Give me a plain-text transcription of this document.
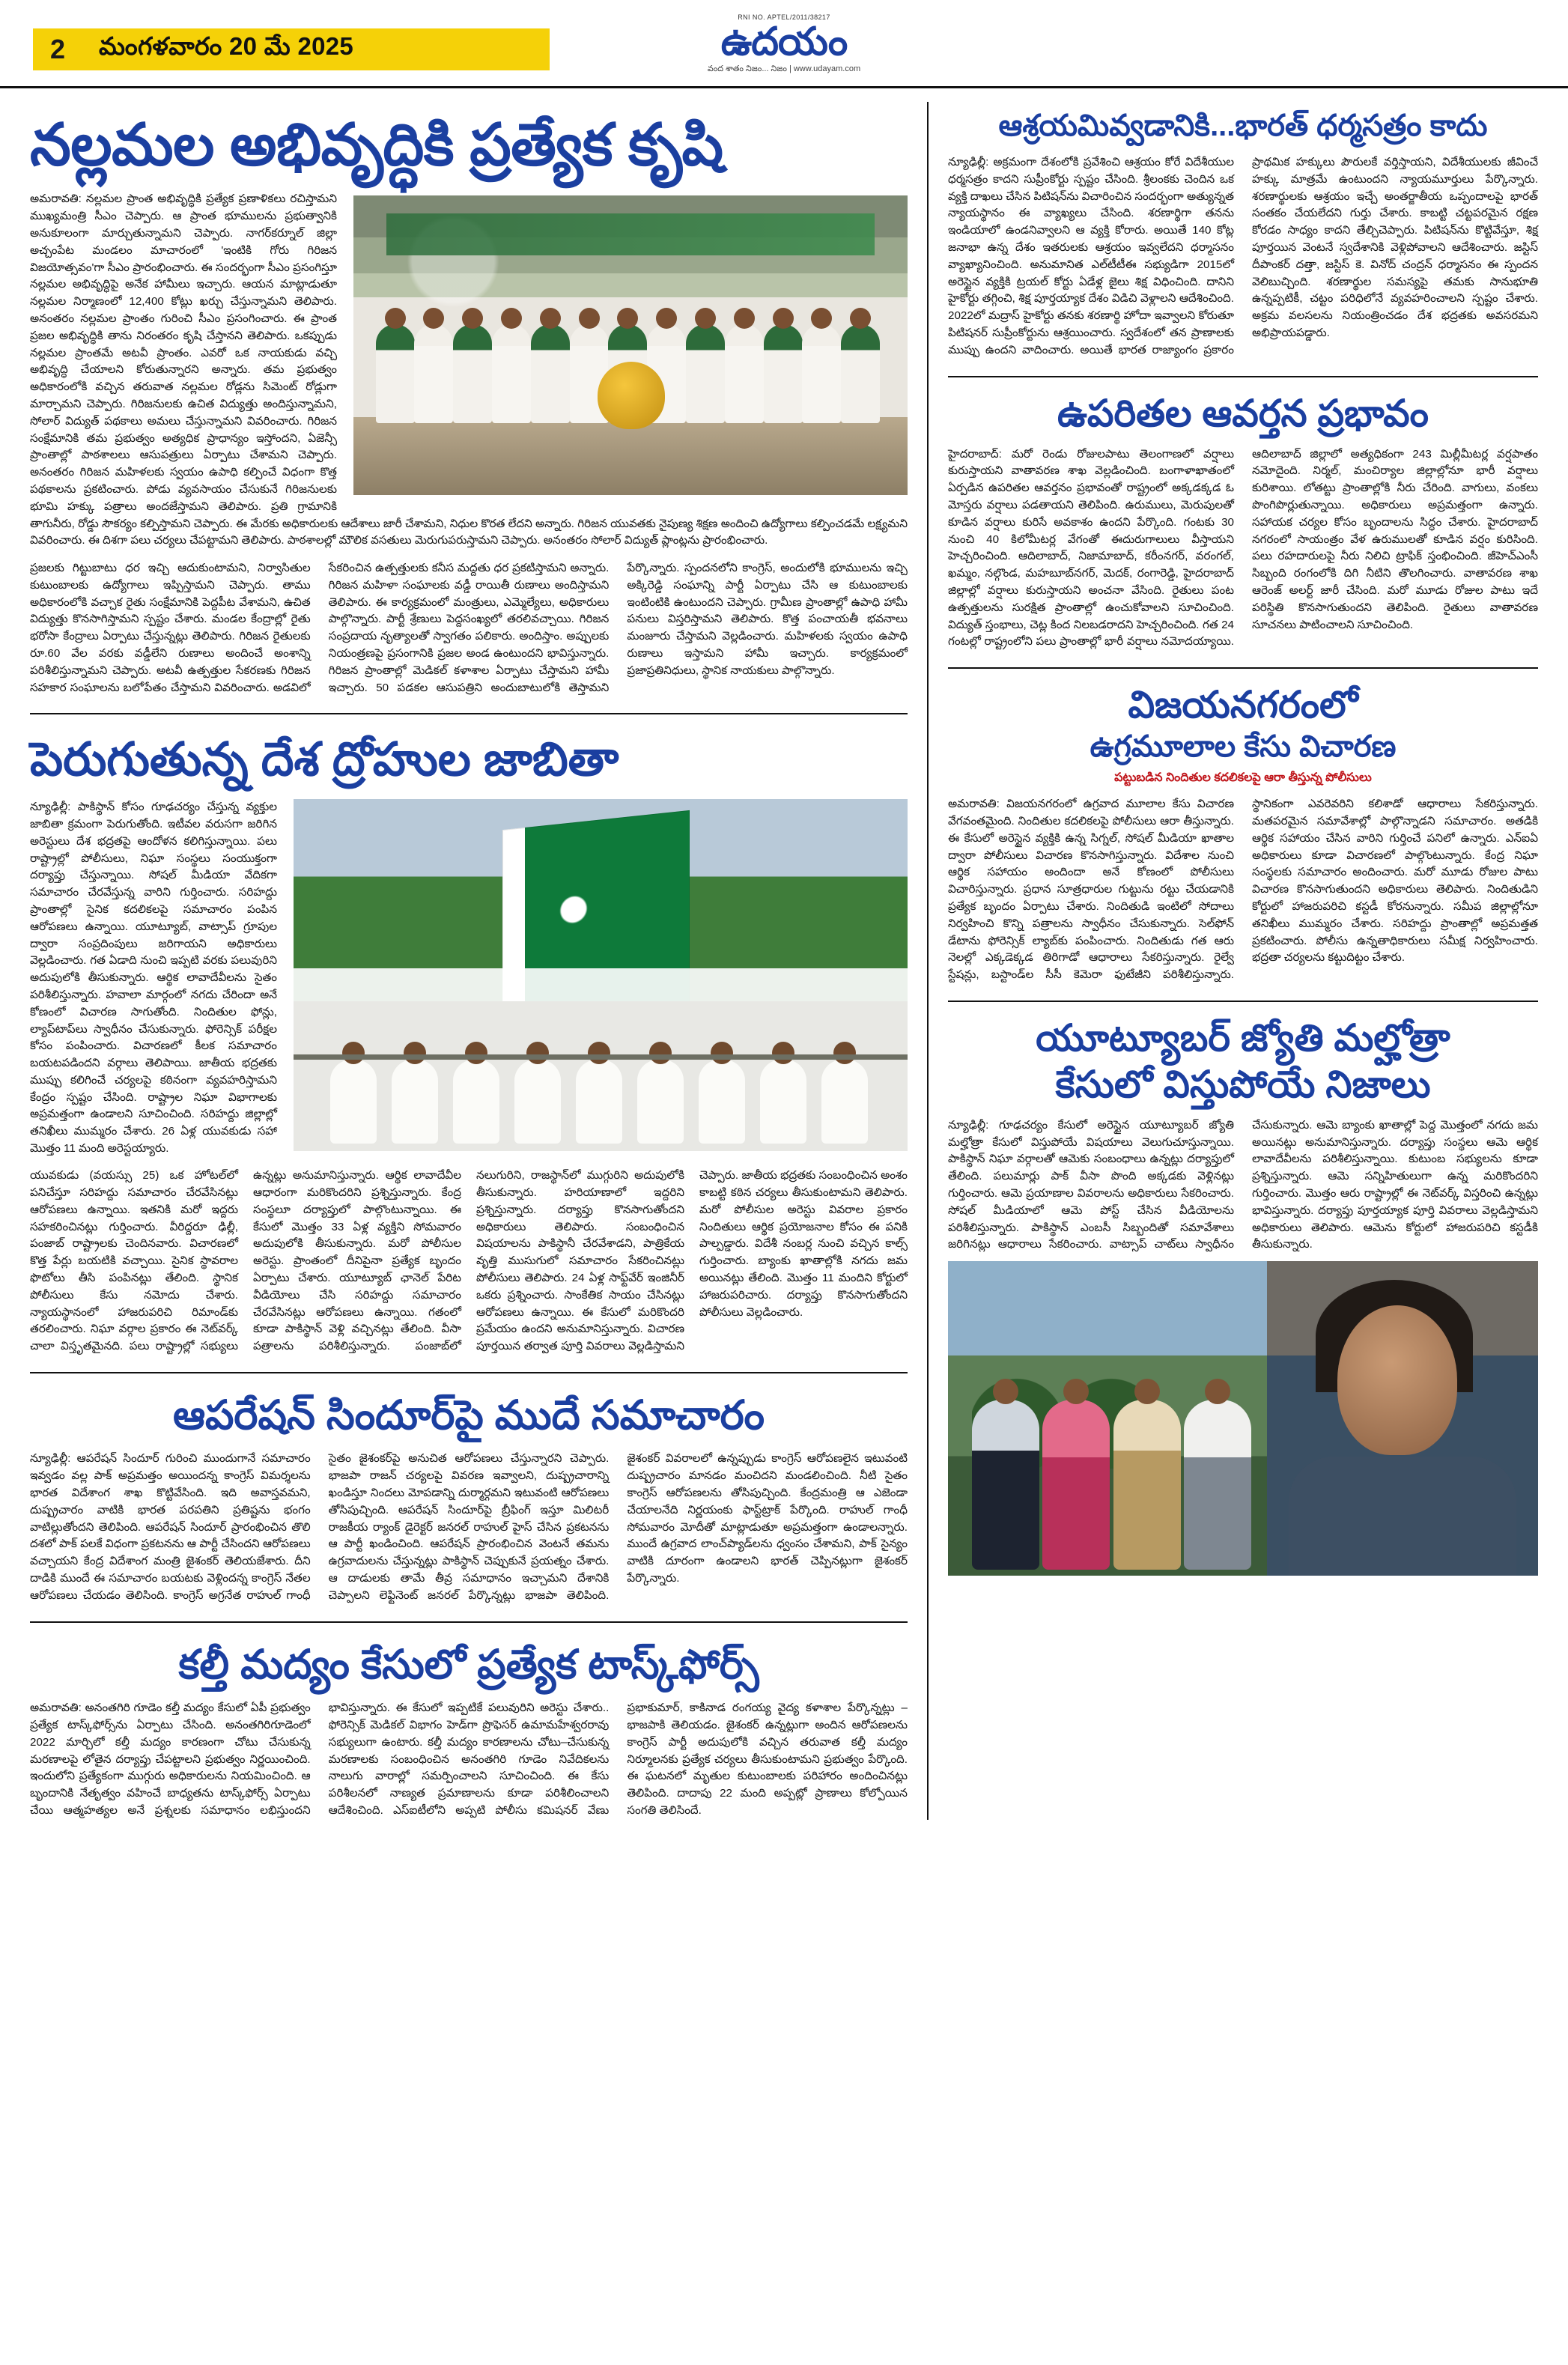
2	మంగళవారం 20 మే 2025
RNI NO. APTEL/2011/38217
ఉదయం
వంద శాతం నిజం... నిజం | www.udayam.com
నల్లమల అభివృద్ధికి ప్రత్యేక కృషి
అమరావతి: నల్లమల ప్రాంత అభివృద్ధికి ప్రత్యేక ప్రణాళికలు రచిస్తామని ముఖ్యమంత్రి సీఎం చెప్పారు. ఆ ప్రాంత భూములను ప్రభుత్వానికి అనుకూలంగా మార్చుతున్నామని చెప్పారు. నాగర్‌కర్నూల్ జిల్లా అచ్చంపేట మండలం మాచారంలో 'ఇంటికి గోరు గిరిజన విజయోత్సవం'గా సీఎం ప్రారంభించారు. ఈ సందర్భంగా సీఎం ప్రసంగిస్తూ నల్లమల అభివృద్ధిపై అనేక హామీలు ఇచ్చారు. ఆయన మాట్లాడుతూ నల్లమల నిర్మాణంలో 12,400 కోట్లు ఖర్చు చేస్తున్నామని తెలిపారు. అనంతరం నల్లమల ప్రాంతం గురించి సీఎం ప్రసంగించారు. ఈ ప్రాంత ప్రజల అభివృద్ధికి తాను నిరంతరం కృషి చేస్తానని తెలిపారు. ఒకప్పుడు నల్లమల ప్రాంతమే అటవీ ప్రాంతం. ఎవరో ఒక నాయకుడు వచ్చి అభివృద్ధి చేయాలని కోరుతున్నారని అన్నారు. తమ ప్రభుత్వం అధికారంలోకి వచ్చిన తరువాత నల్లమల రోడ్లను సిమెంట్ రోడ్లుగా మార్చామని చెప్పారు. గిరిజనులకు ఉచిత విద్యుత్తు అందిస్తున్నామని, సోలార్ విద్యుత్ పథకాలు అమలు చేస్తున్నామని వివరించారు. గిరిజన సంక్షేమానికి తమ ప్రభుత్వం అత్యధిక ప్రాధాన్యం ఇస్తోందని, ఏజెన్సీ ప్రాంతాల్లో పాఠశాలలు ఆసుపత్రులు ఏర్పాటు చేశామని చెప్పారు. అనంతరం గిరిజన మహిళలకు స్వయం ఉపాధి కల్పించే విధంగా కొత్త పథకాలను ప్రకటించారు. పోడు వ్యవసాయం చేసుకునే గిరిజనులకు భూమి హక్కు పత్రాలు అందజేస్తామని తెలిపారు. ప్రతి గ్రామానికి తాగునీరు, రోడ్డు సౌకర్యం కల్పిస్తామని చెప్పారు. ఈ మేరకు అధికారులకు ఆదేశాలు జారీ చేశామని, నిధుల కొరత లేదని అన్నారు. గిరిజన యువతకు నైపుణ్య శిక్షణ అందించి ఉద్యోగాలు కల్పించడమే లక్ష్యమని వివరించారు. ఈ దిశగా పలు చర్యలు చేపట్టామని తెలిపారు. పాఠశాలల్లో మౌలిక వసతులు మెరుగుపరుస్తామని చెప్పారు. అనంతరం సోలార్ విద్యుత్ ప్లాంట్లను ప్రారంభించారు.
ప్రజలకు గిట్టుబాటు ధర ఇచ్చి ఆదుకుంటామని, నిర్వాసితుల కుటుంబాలకు ఉద్యోగాలు ఇప్పిస్తామని చెప్పారు. తాము అధికారంలోకి వచ్చాక రైతు సంక్షేమానికి పెద్దపీట వేశామని, ఉచిత విద్యుత్తు కొనసాగిస్తామని స్పష్టం చేశారు. మండల కేంద్రాల్లో రైతు భరోసా కేంద్రాలు ఏర్పాటు చేస్తున్నట్లు తెలిపారు. గిరిజన రైతులకు రూ.60 వేల వరకు వడ్డీలేని రుణాలు అందించే అంశాన్ని పరిశీలిస్తున్నామని చెప్పారు. అటవీ ఉత్పత్తుల సేకరణకు గిరిజన సహకార సంఘాలను బలోపేతం చేస్తామని వివరించారు. అడవిలో సేకరించిన ఉత్పత్తులకు కనీస మద్దతు ధర ప్రకటిస్తామని అన్నారు. గిరిజన మహిళా సంఘాలకు వడ్డీ రాయితీ రుణాలు అందిస్తామని తెలిపారు. ఈ కార్యక్రమంలో మంత్రులు, ఎమ్మెల్యేలు, అధికారులు పాల్గొన్నారు. పార్టీ శ్రేణులు పెద్దసంఖ్యలో తరలివచ్చాయి. గిరిజన సంప్రదాయ నృత్యాలతో స్వాగతం పలికారు. అందిస్తాం. అప్పులకు నియంత్రణపై ప్రసంగానికి ప్రజల అండ ఉంటుందని భావిస్తున్నారు. గిరిజన ప్రాంతాల్లో మెడికల్ కళాశాల ఏర్పాటు చేస్తామని హామీ ఇచ్చారు. 50 పడకల ఆసుపత్రిని అందుబాటులోకి తెస్తామని పేర్కొన్నారు. స్పందనలోని కాంగ్రెస్, అందులోకి భూములను ఇచ్చి అక్కిరెడ్డి సంఘాన్ని పార్టీ ఏర్పాటు చేసి ఆ కుటుంబాలకు ఇంటింటికి ఉంటుందని చెప్పారు. గ్రామీణ ప్రాంతాల్లో ఉపాధి హామీ పనులు విస్తరిస్తామని తెలిపారు. కొత్త పంచాయతీ భవనాలు మంజూరు చేస్తామని వెల్లడించారు. మహిళలకు స్వయం ఉపాధి రుణాలు ఇస్తామని హామీ ఇచ్చారు. కార్యక్రమంలో ప్రజాప్రతినిధులు, స్థానిక నాయకులు పాల్గొన్నారు.
పెరుగుతున్న దేశ ద్రోహుల జాబితా
న్యూఢిల్లీ: పాకిస్థాన్ కోసం గూఢచర్యం చేస్తున్న వ్యక్తుల జాబితా క్రమంగా పెరుగుతోంది. ఇటీవల వరుసగా జరిగిన అరెస్టులు దేశ భద్రతపై ఆందోళన కలిగిస్తున్నాయి. పలు రాష్ట్రాల్లో పోలీసులు, నిఘా సంస్థలు సంయుక్తంగా దర్యాప్తు చేస్తున్నాయి. సోషల్ మీడియా వేదికగా సమాచారం చేరవేస్తున్న వారిని గుర్తించారు. సరిహద్దు ప్రాంతాల్లో సైనిక కదలికలపై సమాచారం పంపిన ఆరోపణలు ఉన్నాయి. యూట్యూబ్, వాట్సాప్ గ్రూపుల ద్వారా సంప్రదింపులు జరిగాయని అధికారులు వెల్లడించారు. గత ఏడాది నుంచి ఇప్పటి వరకు పలువురిని అదుపులోకి తీసుకున్నారు. ఆర్థిక లావాదేవీలను సైతం పరిశీలిస్తున్నారు. హవాలా మార్గంలో నగదు చేరిందా అనే కోణంలో విచారణ సాగుతోంది. నిందితుల ఫోన్లు, ల్యాప్‌టాప్‌లు స్వాధీనం చేసుకున్నారు. ఫోరెన్సిక్ పరీక్షల కోసం పంపించారు. విచారణలో కీలక సమాచారం బయటపడిందని వర్గాలు తెలిపాయి. జాతీయ భద్రతకు ముప్పు కలిగించే చర్యలపై కఠినంగా వ్యవహరిస్తామని కేంద్రం స్పష్టం చేసింది. రాష్ట్రాల నిఘా విభాగాలకు అప్రమత్తంగా ఉండాలని సూచించింది. సరిహద్దు జిల్లాల్లో తనిఖీలు ముమ్మరం చేశారు. 26 ఏళ్ల యువకుడు సహా మొత్తం 11 మంది అరెస్టయ్యారు.
యువకుడు (వయస్సు 25) ఒక హోటల్‌లో పనిచేస్తూ సరిహద్దు సమాచారం చేరవేసినట్లు ఆరోపణలు ఉన్నాయి. ఇతనికి మరో ఇద్దరు సహకరించినట్లు గుర్తించారు. వీరిద్దరూ ఢిల్లీ, పంజాబ్ రాష్ట్రాలకు చెందినవారు. విచారణలో కొత్త పేర్లు బయటికి వచ్చాయి. సైనిక స్థావరాల ఫొటోలు తీసి పంపినట్లు తేలింది. స్థానిక పోలీసులు కేసు నమోదు చేశారు. న్యాయస్థానంలో హాజరుపరిచి రిమాండ్‌కు తరలించారు. నిఘా వర్గాల ప్రకారం ఈ నెట్‌వర్క్ చాలా విస్తృతమైనది. పలు రాష్ట్రాల్లో సభ్యులు ఉన్నట్లు అనుమానిస్తున్నారు. ఆర్థిక లావాదేవీల ఆధారంగా మరికొందరిని ప్రశ్నిస్తున్నారు. కేంద్ర సంస్థలూ దర్యాప్తులో పాల్గొంటున్నాయి. ఈ కేసులో మొత్తం 33 ఏళ్ల వ్యక్తిని సోమవారం అదుపులోకి తీసుకున్నారు. మరో పోలీసుల అరెస్టు. ప్రాంతంలో దీనిపైనా ప్రత్యేక బృందం ఏర్పాటు చేశారు. యూట్యూబ్ ఛానెల్ పేరిట వీడియోలు చేసి సరిహద్దు సమాచారం చేరవేసినట్లు ఆరోపణలు ఉన్నాయి. గతంలో కూడా పాకిస్థాన్ వెళ్లి వచ్చినట్లు తేలింది. వీసా పత్రాలను పరిశీలిస్తున్నారు. పంజాబ్‌లో నలుగురిని, రాజస్థాన్‌లో ముగ్గురిని అదుపులోకి తీసుకున్నారు. హరియాణాలో ఇద్దరిని ప్రశ్నిస్తున్నారు. దర్యాప్తు కొనసాగుతోందని అధికారులు తెలిపారు.	సంబంధించిన విషయాలను పాకిస్థానీ చేరవేశాడని, పాత్రికేయ వృత్తి ముసుగులో సమాచారం సేకరించినట్లు పోలీసులు తెలిపారు. 24 ఏళ్ల సాఫ్ట్‌వేర్ ఇంజినీర్ ఒకరు ప్రశ్నించారు. సాంకేతిక సాయం చేసినట్లు ఆరోపణలు ఉన్నాయి. ఈ కేసులో మరికొందరి ప్రమేయం ఉందని అనుమానిస్తున్నారు. విచారణ పూర్తయిన తర్వాత పూర్తి వివరాలు వెల్లడిస్తామని చెప్పారు. జాతీయ భద్రతకు సంబంధించిన అంశం కాబట్టి కఠిన చర్యలు తీసుకుంటామని తెలిపారు. మరో పోలీసుల అరెస్టు వివరాల ప్రకారం నిందితులు ఆర్థిక ప్రయోజనాల కోసం ఈ పనికి పాల్పడ్డారు. విదేశీ నంబర్ల నుంచి వచ్చిన కాల్స్ గుర్తించారు. బ్యాంకు ఖాతాల్లోకి నగదు జమ అయినట్లు తేలింది. మొత్తం 11 మందిని కోర్టులో హాజరుపరిచారు. దర్యాప్తు కొనసాగుతోందని పోలీసులు వెల్లడించారు.
ఆపరేషన్ సిందూర్‌పై ముదే సమాచారం
న్యూఢిల్లీ: ఆపరేషన్ సిందూర్ గురించి ముందుగానే సమాచారం ఇవ్వడం వల్ల పాక్ అప్రమత్తం అయిందన్న కాంగ్రెస్ విమర్శలను భారత విదేశాంగ శాఖ కొట్టివేసింది. ఇది అవాస్తవమని, దుష్ప్రచారం వాటికి భారత పరపతిని ప్రతిష్టను భంగం వాటిల్లుతోందని తెలిపింది. ఆపరేషన్ సిందూర్ ప్రారంభించిన తొలి దశలో పాక్ పలకే విధంగా ప్రకటనను ఆ పార్టీ చేసిందని ఆరోపణలు వచ్చాయని కేంద్ర విదేశాంగ మంత్రి జైశంకర్ తెలియజేశారు. దీని దాడికి ముందే ఈ సమాచారం బయటకు వెళ్లిందన్న కాంగ్రెస్ నేతల ఆరోపణలు చేయడం తెలిసింది. కాంగ్రెస్ అగ్రనేత రాహుల్ గాంధీ సైతం జైశంకర్‌పై అనుచిత ఆరోపణలు చేస్తున్నారని చెప్పారు. భాజపా రాజన్ చర్యలపై వివరణ ఇవ్వాలని, దుష్ప్రచారాన్ని ఖండిస్తూ నిందలు మోపడాన్ని దుర్మార్గమని ఇటువంటి ఆరోపణలు తోసిపుచ్చింది. ఆపరేషన్ సిందూర్‌పై బ్రీఫింగ్ ఇస్తూ మిలిటరీ రాజకీయ ర్యాంక్ డైరెక్టర్ జనరల్ రాహుల్ హైస్ చేసిన ప్రకటనను ఆ పార్టీ ఖండించింది. ఆపరేషన్ ప్రారంభించిన వెంటనే తమను ఉగ్రవాదులను చేస్తున్నట్లు పాకిస్థాన్ చెప్పుకునే ప్రయత్నం చేశారు. ఆ దాడులకు తామే తీవ్ర సమాధానం ఇచ్చామని దేశానికి చెప్పాలని లెఫ్టినెంట్ జనరల్ పేర్కొన్నట్లు భాజపా తెలిపింది. జైశంకర్ వివరాలలో ఉన్నప్పుడు కాంగ్రెస్ ఆరోపణలైన ఇటువంటి దుష్ప్రచారం మానడం మంచిదని మండలించింది. నీటి సైతం కాంగ్రెస్ ఆరోపణలను తోసిపుచ్చింది. కేంద్రమంత్రి ఆ ఎజెండా చేయాలనేది నిర్ణయంకు ఫాస్ట్‌ట్రాక్ పేర్కొంది. రాహుల్ గాంధీ సోమవారం మోదీతో మాట్లాడుతూ అప్రమత్తంగా ఉండాలన్నారు. ముందే ఉగ్రవాద లాంచ్‌ప్యాడ్‌లను ధ్వంసం చేశామని, పాక్ సైన్యం వాటికి దూరంగా ఉండాలని భారత్ చెప్పినట్లుగా జైశంకర్ పేర్కొన్నారు.
కల్తీ మద్యం కేసులో ప్రత్యేక టాస్క్‌ఫోర్స్
అమరావతి: అనంతగిరి గూడెం కల్తీ మద్యం కేసులో ఏపీ ప్రభుత్వం ప్రత్యేక టాస్క్‌ఫోర్స్‌ను ఏర్పాటు చేసింది. అనంతగిరిగూడెంలో 2022 మార్చిలో కల్తీ మద్యం కారణంగా చోటు చేసుకున్న మరణాలపై లోతైన దర్యాప్తు చేపట్టాలని ప్రభుత్వం నిర్ణయించింది. ఇందులోని ప్రత్యేకంగా ముగ్గురు అధికారులను నియమించింది. ఆ బృందానికి నేతృత్వం వహించే బాధ్యతను టాస్క్‌ఫోర్స్ ఏర్పాటు చేయి ఆత్మహత్యల అనే ప్రశ్నలకు సమాధానం లభిస్తుందని భావిస్తున్నారు. ఈ కేసులో ఇప్పటికే పలువురిని అరెస్టు చేశారు.. ఫోరెన్సిక్ మెడికల్ విభాగం హెడ్‌గా ప్రొఫెసర్ ఉమామహేశ్వరరావు సభ్యులుగా ఉంటారు. కల్తీ మద్యం కారణాలను చోటు–చేసుకున్న మరణాలకు సంబంధించిన అనంతగిరి గూడెం నివేదికలను నాలుగు వారాల్లో సమర్పించాలని సూచించింది. ఈ కేసు పరిశీలనలో నాణ్యత ప్రమాణాలను కూడా పరిశీలించాలని ఆదేశించింది. ఎస్‌ఐటీలోని అప్పటి పోలీసు కమిషనర్ వేణు ప్రభాకుమార్, కాకినాడ రంగయ్య వైద్య కళాశాల పేర్కొన్నట్లు – భాజపాకి తెలియడం. జైశంకర్ ఉన్నట్లుగా అందిన ఆరోపణలను కాంగ్రెస్ పార్టీ అదుపులోకి వచ్చిన తరువాత కల్తీ మద్యం నిర్మూలనకు ప్రత్యేక చర్యలు తీసుకుంటామని ప్రభుత్వం పేర్కొంది. ఈ ఘటనలో మృతుల కుటుంబాలకు పరిహారం అందించినట్లు తెలిపింది. దాదాపు 22 మంది అప్పట్లో ప్రాణాలు కోల్పోయిన సంగతి తెలిసిందే.
ఆశ్రయమివ్వడానికి...భారత్ ధర్మసత్రం కాదు
న్యూఢిల్లీ: అక్రమంగా దేశంలోకి ప్రవేశించి ఆశ్రయం కోరే విదేశీయుల ధర్మసత్రం కాదని సుప్రీంకోర్టు స్పష్టం చేసింది. శ్రీలంకకు చెందిన ఒక వ్యక్తి దాఖలు చేసిన పిటిషన్‌ను విచారించిన సందర్భంగా అత్యున్నత న్యాయస్థానం ఈ వ్యాఖ్యలు చేసింది. శరణార్థిగా తనను ఇండియాలో ఉండనివ్వాలని ఆ వ్యక్తి కోరారు. అయితే 140 కోట్ల జనాభా ఉన్న దేశం ఇతరులకు ఆశ్రయం ఇవ్వలేదని ధర్మాసనం వ్యాఖ్యానించింది. అనుమానిత ఎల్‌టీటీఈ సభ్యుడిగా 2015లో అరెస్టైన వ్యక్తికి ట్రయల్ కోర్టు ఏడేళ్ల జైలు శిక్ష విధించింది. దానిని హైకోర్టు తగ్గించి, శిక్ష పూర్తయ్యాక దేశం విడిచి వెళ్లాలని ఆదేశించింది. 2022లో మద్రాస్ హైకోర్టు తనకు శరణార్థి హోదా ఇవ్వాలని కోరుతూ పిటిషనర్ సుప్రీంకోర్టును ఆశ్రయించారు. స్వదేశంలో తన ప్రాణాలకు ముప్పు ఉందని వాదించారు. అయితే భారత రాజ్యాంగం ప్రకారం ప్రాథమిక హక్కులు పౌరులకే వర్తిస్తాయని, విదేశీయులకు జీవించే హక్కు మాత్రమే ఉంటుందని న్యాయమూర్తులు పేర్కొన్నారు. శరణార్థులకు ఆశ్రయం ఇచ్చే అంతర్జాతీయ ఒప్పందాలపై భారత్ సంతకం చేయలేదని గుర్తు చేశారు. కాబట్టి చట్టపరమైన రక్షణ కోరడం సాధ్యం కాదని తేల్చిచెప్పారు. పిటిషన్‌ను కొట్టివేస్తూ, శిక్ష పూర్తయిన వెంటనే స్వదేశానికి వెళ్లిపోవాలని ఆదేశించారు. జస్టిస్ దీపాంకర్ దత్తా, జస్టిస్ కె. వినోద్ చంద్రన్ ధర్మాసనం ఈ స్పందన వెలిబుచ్చింది. శరణార్థుల సమస్యపై తమకు సానుభూతి ఉన్నప్పటికీ, చట్టం పరిధిలోనే వ్యవహరించాలని స్పష్టం చేశారు. అక్రమ వలసలను నియంత్రించడం దేశ భద్రతకు అవసరమని అభిప్రాయపడ్డారు.
ఉపరితల ఆవర్తన ప్రభావం
హైదరాబాద్: మరో రెండు రోజులపాటు తెలంగాణలో వర్షాలు కురుస్తాయని వాతావరణ శాఖ వెల్లడించింది. బంగాళాఖాతంలో ఏర్పడిన ఉపరితల ఆవర్తనం ప్రభావంతో రాష్ట్రంలో అక్కడక్కడ ఓ మోస్తరు వర్షాలు పడతాయని తెలిపింది. ఉరుములు, మెరుపులతో కూడిన వర్షాలు కురిసే అవకాశం ఉందని పేర్కొంది. గంటకు 30 నుంచి 40 కిలోమీటర్ల వేగంతో ఈదురుగాలులు వీస్తాయని హెచ్చరించింది. ఆదిలాబాద్, నిజామాబాద్, కరీంనగర్, వరంగల్, ఖమ్మం, నల్గొండ, మహబూబ్‌నగర్, మెదక్, రంగారెడ్డి, హైదరాబాద్ జిల్లాల్లో వర్షాలు కురుస్తాయని అంచనా వేసింది. రైతులు పంట ఉత్పత్తులను సురక్షిత ప్రాంతాల్లో ఉంచుకోవాలని సూచించింది. విద్యుత్ స్తంభాలు, చెట్ల కింద నిలబడరాదని హెచ్చరించింది. గత 24 గంటల్లో రాష్ట్రంలోని పలు ప్రాంతాల్లో భారీ వర్షాలు నమోదయ్యాయి. ఆదిలాబాద్ జిల్లాలో అత్యధికంగా 243 మిల్లీమీటర్ల వర్షపాతం నమోదైంది. నిర్మల్, మంచిర్యాల జిల్లాల్లోనూ భారీ వర్షాలు కురిశాయి. లోతట్టు ప్రాంతాల్లోకి నీరు చేరింది. వాగులు, వంకలు పొంగిపొర్లుతున్నాయి. అధికారులు అప్రమత్తంగా ఉన్నారు. సహాయక చర్యల కోసం బృందాలను సిద్ధం చేశారు. హైదరాబాద్ నగరంలో సాయంత్రం వేళ ఉరుములతో కూడిన వర్షం కురిసింది. పలు రహదారులపై నీరు నిలిచి ట్రాఫిక్ స్తంభించింది. జీహెచ్ఎంసీ సిబ్బంది రంగంలోకి దిగి నీటిని తొలగించారు. వాతావరణ శాఖ ఆరెంజ్ అలర్ట్ జారీ చేసింది. మరో మూడు రోజుల పాటు ఇదే పరిస్థితి కొనసాగుతుందని తెలిపింది. రైతులు వాతావరణ సూచనలు పాటించాలని సూచించింది.
విజయనగరంలో
ఉగ్రమూలాల కేసు విచారణ
పట్టుబడిన నిందితుల కదలికలపై ఆరా తీస్తున్న పోలీసులు
అమరావతి: విజయనగరంలో ఉగ్రవాద మూలాల కేసు విచారణ వేగవంతమైంది. నిందితుల కదలికలపై పోలీసులు ఆరా తీస్తున్నారు. ఈ కేసులో అరెస్టైన వ్యక్తికి ఉన్న సిగ్నల్, సోషల్ మీడియా ఖాతాల ద్వారా పోలీసులు విచారణ కొనసాగిస్తున్నారు. విదేశాల నుంచి ఆర్థిక సహాయం అందిందా అనే కోణంలో పోలీసులు విచారిస్తున్నారు. ప్రధాన సూత్రధారుల గుట్టును రట్టు చేయడానికి ప్రత్యేక బృందం ఏర్పాటు చేశారు. నిందితుడి ఇంటిలో సోదాలు నిర్వహించి కొన్ని పత్రాలను స్వాధీనం చేసుకున్నారు. సెల్‌ఫోన్ డేటాను ఫోరెన్సిక్ ల్యాబ్‌కు పంపించారు. నిందితుడు గత ఆరు నెలల్లో ఎక్కడెక్కడ తిరిగాడో ఆధారాలు సేకరిస్తున్నారు. రైల్వే స్టేషన్లు, బస్టాండ్‌ల సీసీ కెమెరా ఫుటేజీని పరిశీలిస్తున్నారు. స్థానికంగా ఎవరెవరిని కలిశాడో ఆధారాలు సేకరిస్తున్నారు. మతపరమైన సమావేశాల్లో పాల్గొన్నాడని సమాచారం. అతడికి ఆర్థిక సహాయం చేసిన వారిని గుర్తించే పనిలో ఉన్నారు. ఎన్‌ఐఏ అధికారులు కూడా విచారణలో పాల్గొంటున్నారు. కేంద్ర నిఘా సంస్థలకు సమాచారం అందించారు. మరో మూడు రోజుల పాటు విచారణ కొనసాగుతుందని అధికారులు తెలిపారు. నిందితుడిని కోర్టులో హాజరుపరిచి కస్టడీ కోరనున్నారు. సమీప జిల్లాల్లోనూ తనిఖీలు ముమ్మరం చేశారు. సరిహద్దు ప్రాంతాల్లో అప్రమత్తత ప్రకటించారు. పోలీసు ఉన్నతాధికారులు సమీక్ష నిర్వహించారు. భద్రతా చర్యలను కట్టుదిట్టం చేశారు.
యూట్యూబర్ జ్యోతి మల్హోత్రా
కేసులో విస్తుపోయే నిజాలు
న్యూఢిల్లీ: గూఢచర్యం కేసులో అరెస్టైన యూట్యూబర్ జ్యోతి మల్హోత్రా కేసులో విస్తుపోయే విషయాలు వెలుగుచూస్తున్నాయి. పాకిస్థాన్ నిఘా వర్గాలతో ఆమెకు సంబంధాలు ఉన్నట్లు దర్యాప్తులో తేలింది. పలుమార్లు పాక్ వీసా పొంది అక్కడకు వెళ్లినట్లు గుర్తించారు. ఆమె ప్రయాణాల వివరాలను అధికారులు సేకరించారు. సోషల్ మీడియాలో ఆమె పోస్ట్ చేసిన వీడియోలను పరిశీలిస్తున్నారు. పాకిస్థాన్ ఎంబసీ సిబ్బందితో సమావేశాలు జరిగినట్లు ఆధారాలు సేకరించారు. వాట్సాప్ చాట్‌లు స్వాధీనం చేసుకున్నారు. ఆమె బ్యాంకు ఖాతాల్లో పెద్ద మొత్తంలో నగదు జమ అయినట్లు అనుమానిస్తున్నారు. దర్యాప్తు సంస్థలు ఆమె ఆర్థిక లావాదేవీలను పరిశీలిస్తున్నాయి. కుటుంబ సభ్యులను కూడా ప్రశ్నిస్తున్నారు. ఆమె సన్నిహితులుగా ఉన్న మరికొందరిని గుర్తించారు. మొత్తం ఆరు రాష్ట్రాల్లో ఈ నెట్‌వర్క్ విస్తరించి ఉన్నట్లు భావిస్తున్నారు. దర్యాప్తు పూర్తయ్యాక పూర్తి వివరాలు వెల్లడిస్తామని అధికారులు తెలిపారు. ఆమెను కోర్టులో హాజరుపరిచి కస్టడీకి తీసుకున్నారు.
